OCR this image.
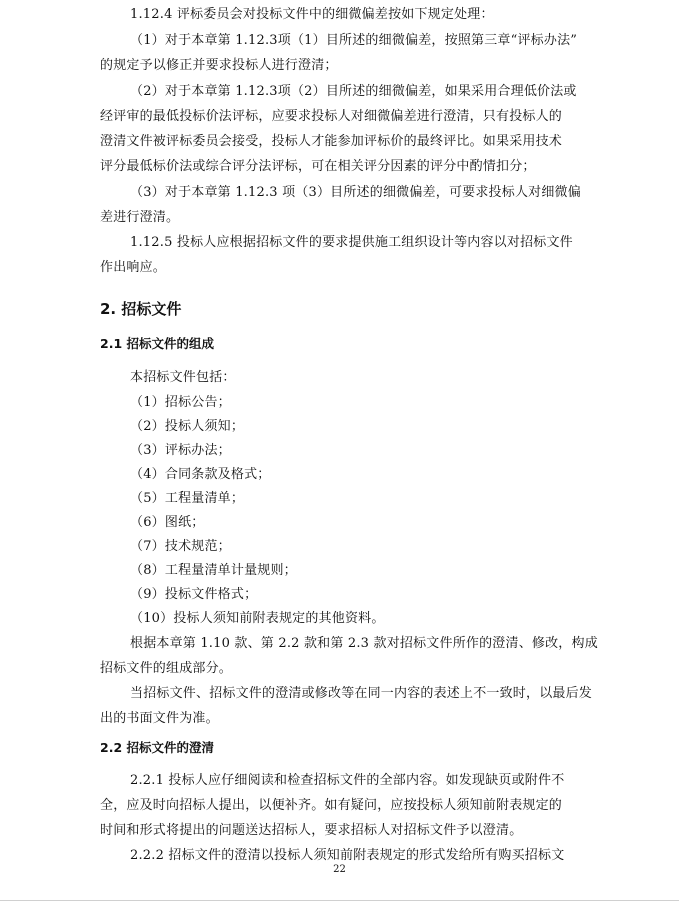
1.12.4 评标委员会对投标文件中的细微偏差按如下规定处理：
（1）对于本章第 1.12.3项（1）目所述的细微偏差，按照第三章“评标办法”
的规定予以修正并要求投标人进行澄清；
（2）对于本章第 1.12.3项（2）目所述的细微偏差，如果采用合理低价法或
经评审的最低投标价法评标，应要求投标人对细微偏差进行澄清，只有投标人的
澄清文件被评标委员会接受，投标人才能参加评标价的最终评比。如果采用技术
评分最低标价法或综合评分法评标，可在相关评分因素的评分中酌情扣分；
（3）对于本章第 1.12.3 项（3）目所述的细微偏差，可要求投标人对细微偏
差进行澄清。
1.12.5 投标人应根据招标文件的要求提供施工组织设计等内容以对招标文件
作出响应。
2. 招标文件
2.1 招标文件的组成
本招标文件包括：
（1）招标公告；
（2）投标人须知；
（3）评标办法；
（4）合同条款及格式；
（5）工程量清单；
（6）图纸；
（7）技术规范；
（8）工程量清单计量规则；
（9）投标文件格式；
（10）投标人须知前附表规定的其他资料。
根据本章第 1.10 款、第 2.2 款和第 2.3 款对招标文件所作的澄清、修改，构成
招标文件的组成部分。
当招标文件、招标文件的澄清或修改等在同一内容的表述上不一致时，以最后发
出的书面文件为准。
2.2 招标文件的澄清
2.2.1 投标人应仔细阅读和检查招标文件的全部内容。如发现缺页或附件不
全，应及时向招标人提出，以便补齐。如有疑问，应按投标人须知前附表规定的
时间和形式将提出的问题送达招标人，要求招标人对招标文件予以澄清。
2.2.2 招标文件的澄清以投标人须知前附表规定的形式发给所有购买招标文
22
